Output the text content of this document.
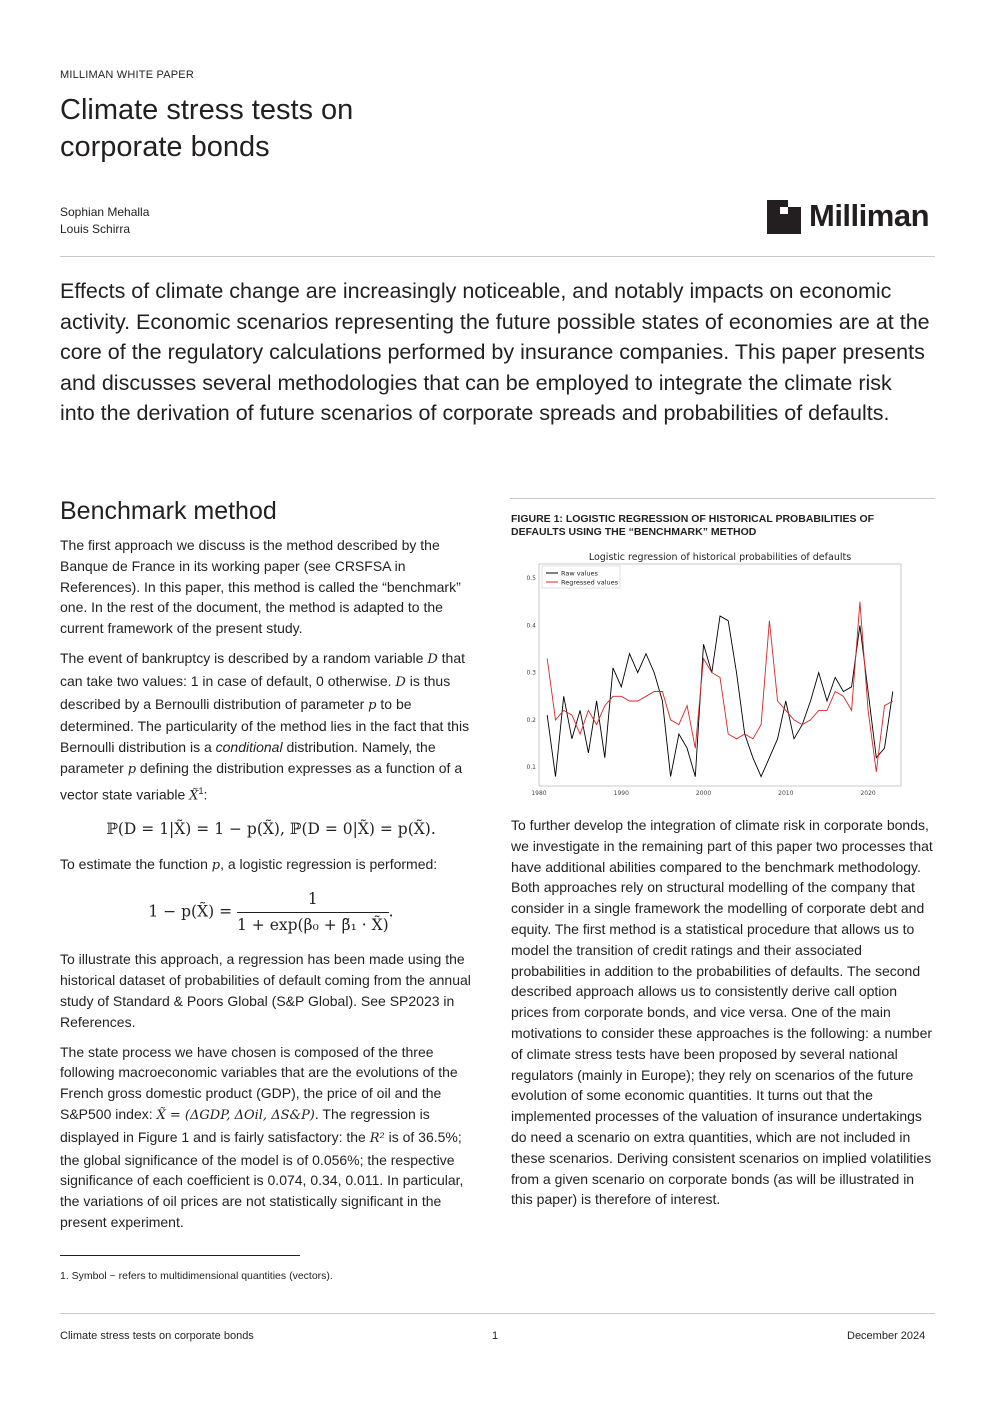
MILLIMAN WHITE PAPER
Climate stress tests on corporate bonds
Sophian Mehalla
Louis Schirra	Milliman

Effects of climate change are increasingly noticeable, and notably impacts on economic activity. Economic scenarios representing the future possible states of economies are at the core of the regulatory calculations performed by insurance companies. This paper presents and discusses several methodologies that can be employed to integrate the climate risk into the derivation of future scenarios of corporate spreads and probabilities of defaults.

Benchmark method

The first approach we discuss is the method described by the Banque de France in its working paper (see CRSFSA in References). In this paper, this method is called the “benchmark” one. In the rest of the document, the method is adapted to the current framework of the present study.

The event of bankruptcy is described by a random variable D that can take two values: 1 in case of default, 0 otherwise. D is thus described by a Bernoulli distribution of parameter p to be determined. The particularity of the method lies in the fact that this Bernoulli distribution is a conditional distribution. Namely, the parameter p defining the distribution expresses as a function of a vector state variable X̃$^1$:

ℙ(D = 1|X̃) = 1 − p(X̃), ℙ(D = 0|X̃) = p(X̃).

To estimate the function p, a logistic regression is performed:

1 − p(X̃) = $\frac{1}{\text{1 + exp(β₀ + β̃₁ · X̃)}}$ .

To illustrate this approach, a regression has been made using the historical dataset of probabilities of default coming from the annual study of Standard & Poors Global (S&P Global). See SP2023 in References.

The state process we have chosen is composed of the three following macroeconomic variables that are the evolutions of the French gross domestic product (GDP), the price of oil and the S&P500 index: X̃ = (ΔGDP, ΔOil, ΔS&P). The regression is displayed in Figure 1 and is fairly satisfactory: the R² is of 36.5%; the global significance of the model is of 0.056%; the respective significance of each coefficient is 0.074, 0.34, 0.011. In particular, the variations of oil prices are not statistically significant in the present experiment.

FIGURE 1: LOGISTIC REGRESSION OF HISTORICAL PROBABILITIES OF DEFAULTS USING THE “BENCHMARK” METHOD
Logistic regression of historical probabilities of defaults
0.1
0.2
0.3
0.4
0.5
1980	1990	2000	2010	2020
Raw values
Regressed values

To further develop the integration of climate risk in corporate bonds, we investigate in the remaining part of this paper two processes that have additional abilities compared to the benchmark methodology. Both approaches rely on structural modelling of the company that consider in a single framework the modelling of corporate debt and equity. The first method is a statistical procedure that allows us to model the transition of credit ratings and their associated probabilities in addition to the probabilities of defaults. The second described approach allows us to consistently derive call option prices from corporate bonds, and vice versa. One of the main motivations to consider these approaches is the following: a number of climate stress tests have been proposed by several national regulators (mainly in Europe); they rely on scenarios of the future evolution of some economic quantities. It turns out that the implemented processes of the valuation of insurance undertakings do need a scenario on extra quantities, which are not included in these scenarios. Deriving consistent scenarios on implied volatilities from a given scenario on corporate bonds (as will be illustrated in this paper) is therefore of interest.

1. Symbol ~ refers to multidimensional quantities (vectors).
Climate stress tests on corporate bonds	1	December 2024
